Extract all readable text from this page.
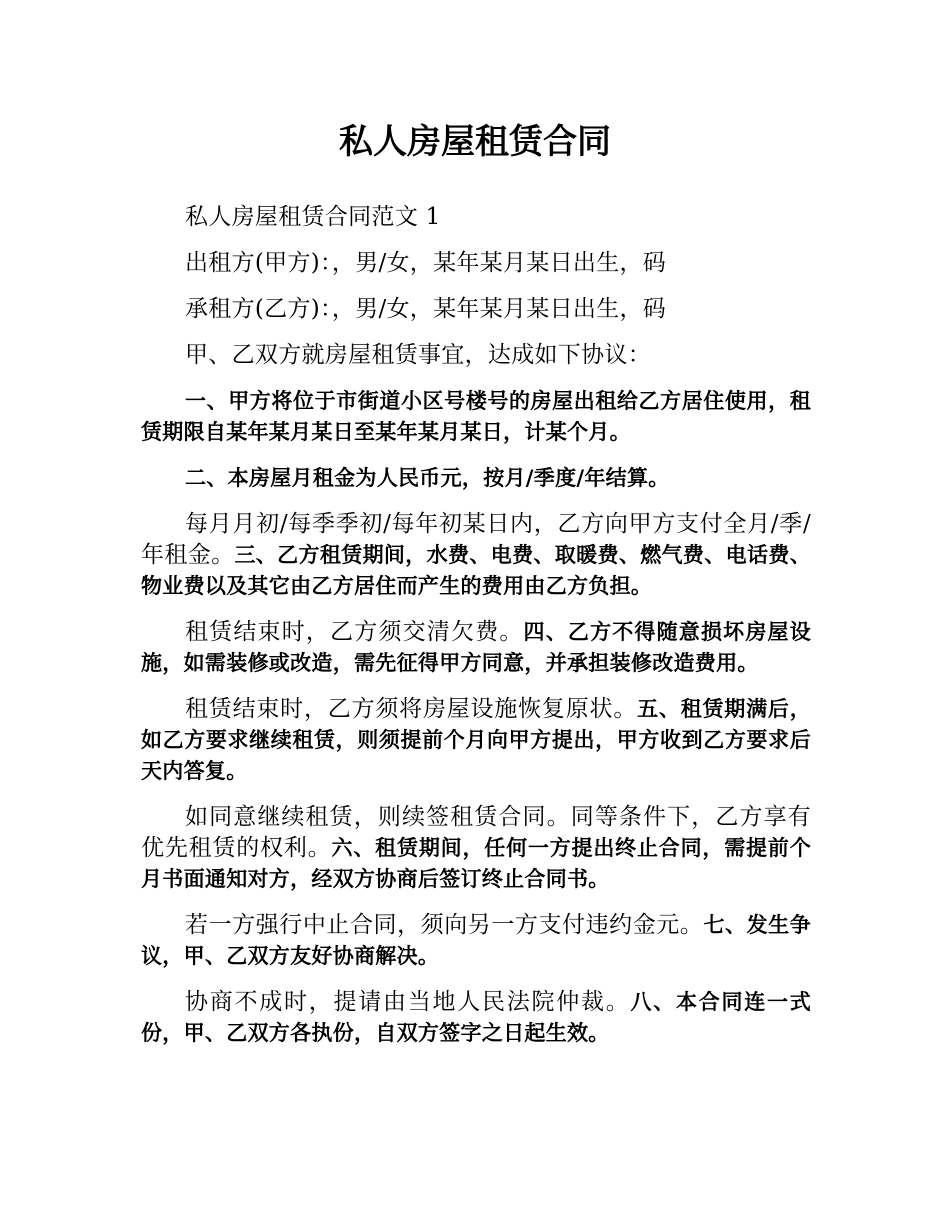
私人房屋租赁合同

私人房屋租赁合同范文 1

出租方(甲方)：，男/女，某年某月某日出生，码

承租方(乙方)：，男/女，某年某月某日出生，码

甲、乙双方就房屋租赁事宜，达成如下协议：

一、甲方将位于市街道小区号楼号的房屋出租给乙方居住使用，租赁期限自某年某月某日至某年某月某日，计某个月。

二、本房屋月租金为人民币元，按月/季度/年结算。

每月月初/每季季初/每年初某日内，乙方向甲方支付全月/季/年租金。三、乙方租赁期间，水费、电费、取暖费、燃气费、电话费、物业费以及其它由乙方居住而产生的费用由乙方负担。

租赁结束时，乙方须交清欠费。四、乙方不得随意损坏房屋设施，如需装修或改造，需先征得甲方同意，并承担装修改造费用。

租赁结束时，乙方须将房屋设施恢复原状。五、租赁期满后，如乙方要求继续租赁，则须提前个月向甲方提出，甲方收到乙方要求后天内答复。

如同意继续租赁，则续签租赁合同。同等条件下，乙方享有优先租赁的权利。六、租赁期间，任何一方提出终止合同，需提前个月书面通知对方，经双方协商后签订终止合同书。

若一方强行中止合同，须向另一方支付违约金元。七、发生争议，甲、乙双方友好协商解决。

协商不成时，提请由当地人民法院仲裁。八、本合同连一式份，甲、乙双方各执份，自双方签字之日起生效。
